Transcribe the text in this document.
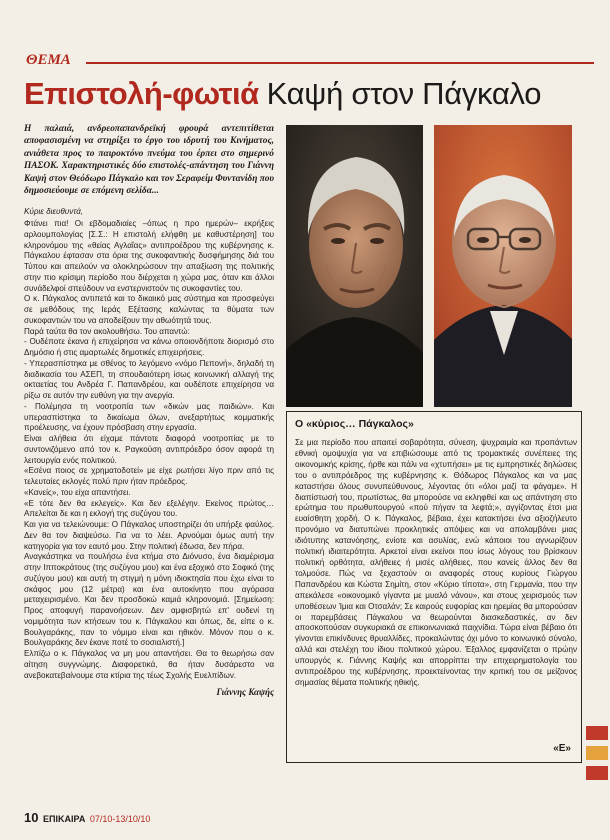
ΘΕΜΑ
Επιστολή-φωτιά Καψή στον Πάγκαλο

Η παλαιά, ανδρεοπαπανδρεϊκή φρουρά αντεπιτίθεται αποφασισμένη να στηρίξει το έργο του ιδρυτή του Κινήματος, ανιάθετα προς το παιροκτόνο πνεύμα του έρπει στο σημερινό ΠΑΣΟΚ. Χαρακτηριστικές δύο επιστολές-απάντηση του Γιάννη Καψή στον Θεόδωρο Πάγκαλο και τον Σεραφείμ Φυντανίδη που δημοσιεύουμε σε επόμενη σελίδα...

Κύριε διευθυντά,

Φτάνει πια! Οι εβδομαδιαίες –όπως η προ ημερών– εκρήξεις αρλουμπολογίας [Σ.Σ.: Η επιστολή ελήφθη με καθυστέρηση] του κληρονόμου της «θείας Αγλαΐας» αντιπροέδρου της κυβέρνησης κ. Πάγκαλου έφτασαν στα όρια της συκοφαντικής δυσφήμησης διά του Τύπου και απειλούν να ολοκληρώσουν την απαξίωση της πολιτικής στην πιο κρίσιμη περίοδο που διέρχεται η χώρα μας, όταν και άλλοι συνάδελφοί σπεύδουν να ενστερνιστούν τις συκοφαντίες του.

Ο κ. Πάγκαλος αντιπετά και το δικαιικό μας σύστημα και προσφεύγει σε μεθόδους της Ιεράς Εξέτασης καλώντας τα θύματα των συκοφαντιών του να αποδείξουν την αθωότητά τους.

Παρά ταύτα θα τον ακολουθήσω. Του απαντώ:

- Ουδέποτε έκανα ή επιχείρησα να κάνω οποιονδήποτε διορισμό στο Δημόσιο ή στις αμαρτωλές δημοτικές επιχειρήσεις.

- Υπερασπίστηκα με σθένος το λεγόμενο «νόμο Πεπονή», δηλαδή τη διαδικασία του ΑΣΕΠ, τη σπουδαιότερη ίσως κοινωνική αλλαγή της οκταετίας του Ανδρέα Γ. Παπανδρέου, και ουδέποτε επιχείρησα να ρίξω σε αυτόν την ευθύνη για την ανεργία.

- Πολέμησα τη νοοτροπία των «δικών μας παιδιών». Και υπερασπίστηκα το δικαίωμα όλων, ανεξαρτήτως κομματικής προέλευσης, να έχουν πρόσβαση στην εργασία.

Είναι αλήθεια ότι είχαμε πάντοτε διαφορά νοοτροπίας με το συντονιζόμενο από τον κ. Ραγκούση αντιπρόεδρο όσον αφορά τη λειτουργία ενός πολιτικού.

«Εσένα ποιος σε χρηματοδοτεί» με είχε ρωτήσει λίγο πριν από τις τελευταίες εκλογές πολύ πριν ήταν πρόεδρος.

«Κανείς», του είχα απαντήσει.

«Ε τότε δεν θα εκλεγείς». Και δεν εξελέγην. Εκείνος πρώτος… Απελείται δε και η εκλογή της συζύγου του.

Και για να τελειώνουμε: Ο Πάγκαλος υποστηρίζει ότι υπήρξε φαύλος. Δεν θα τον διαψεύσω. Για να το λέει. Αρνούμαι όμως αυτή την κατηγορία για τον εαυτό μου. Στην πολιτική έδωσα, δεν πήρα.

Αναγκάστηκα να πουλήσω ένα κτήμα στο Διόνυσο, ένα διαμέρισμα στην Ιπποκράτους (της συζύγου μου) και ένα εξοχικό στο Σοφικό (της συζύγου μου) και αυτή τη στιγμή η μόνη ιδιοκτησία που έχω είναι το σκάφος μου (12 μέτρα) και ένα αυτοκίνητο που αγόρασα μεταχειρισμένο. Και δεν προσδοκώ καμιά κληρονομιά. [Σημείωση: Προς αποφυγή παρανοήσεων. Δεν αμφισβητώ επ' ουδενί τη νομιμότητα των κτήσεων του κ. Πάγκαλου και όπως, δε, είπε ο κ. Βουλγαράκης, παν το νόμιμο είναι και ηθικόν. Μόνον που ο κ. Βουλγαράκης δεν έκανε ποτέ το σοσιαλιστή.]

Ελπίζω ο κ. Πάγκαλος να μη μου απαντήσει. Θα το θεωρήσω σαν αίτηση συγγνώμης. Διαφορετικά, θα ήταν δυσάρεστο να ανεβοκατεβαίνουμε στα κτίρια της τέως Σχολής Ευελπίδων.

Γιάννης Καψής

Ο «κύριος… Πάγκαλος»

Σε μια περίοδο που απαιτεί σοβαρότητα, σύνεση, ψυχραιμία και προπάντων εθνική ομοψυχία για να επιβιώσουμε από τις τρομακτικές συνέπειες της οικονομικής κρίσης, ήρθε και πάλι να «χτυπήσει» με τις εμπρηστικές δηλώσεις του ο αντιπρόεδρος της κυβέρνησης κ. Θόδωρος Πάγκαλος και να μας καταστήσει όλους συνυπεύθυνους, λέγοντας ότι «όλοι μαζί τα φάγαμε». Η διαπίστωσή του, πρωτίστως, θα μπορούσε να εκληφθεί και ως απάντηση στο ερώτημα του πρωθυπουργού «πού πήγαν τα λεφτά;», αγγίζοντας έτσι μια ευαίσθητη χορδή. Ο κ. Πάγκαλος, βέβαια, έχει κατακτήσει ένα αξιοζήλευτο προνόμιο να διατυπώνει προκλητικές απόψεις και να απολαμβάνει μιας ιδιότυπης κατανόησης, ενίοτε και ασυλίας, ενώ κάποιοι του αγνωρίζουν πολιτική ιδιαιτερότητα. Αρκετοί είναι εκείνοι που ίσως λόγους του βρίσκουν πολιτική ορθότητα, αλήθειες ή μισές αλήθειες, που κανείς άλλος δεν θα τολμούσε. Πώς να ξεχαστούν οι αναφορές στους κυρίους Γιώργου Παπανδρέου και Κώστα Σημίτη, στον «Κύριο τίποτα», στη Γερμανία, που την απεκάλεσε «οικονομικό γίγαντα με μυαλό νάνου», και στους χειρισμούς των υποθέσεων Ίμια και Οτσαλάν; Σε καιρούς ευφορίας και ηρεμίας θα μπορούσαν οι παρεμβάσεις Πάγκαλου να θεωρούνται διασκεδαστικές, αν δεν αποσκοπούσαν συγκυριακά σε επικοινωνιακά παιχνίδια. Τώρα είναι βέβαιο ότι γίνονται επικίνδυνες θρυαλλίδες, προκαλώντας όχι μόνο το κοινωνικό σύνολο, αλλά και στελέχη του ίδιου πολιτικού χώρου. Έξαλλος εμφανίζεται ο πρώην υπουργός κ. Γιάννης Καψής και απορρίπτει την επιχειρηματολογία του αντιπροέδρου της κυβέρνησης, προεκτείνοντας την κριτική του σε μείζονος σημασίας θέματα πολιτικής ηθικής.

«Ε»
10 ΕΠΙΚΑΙΡΑ 07/10-13/10/10
